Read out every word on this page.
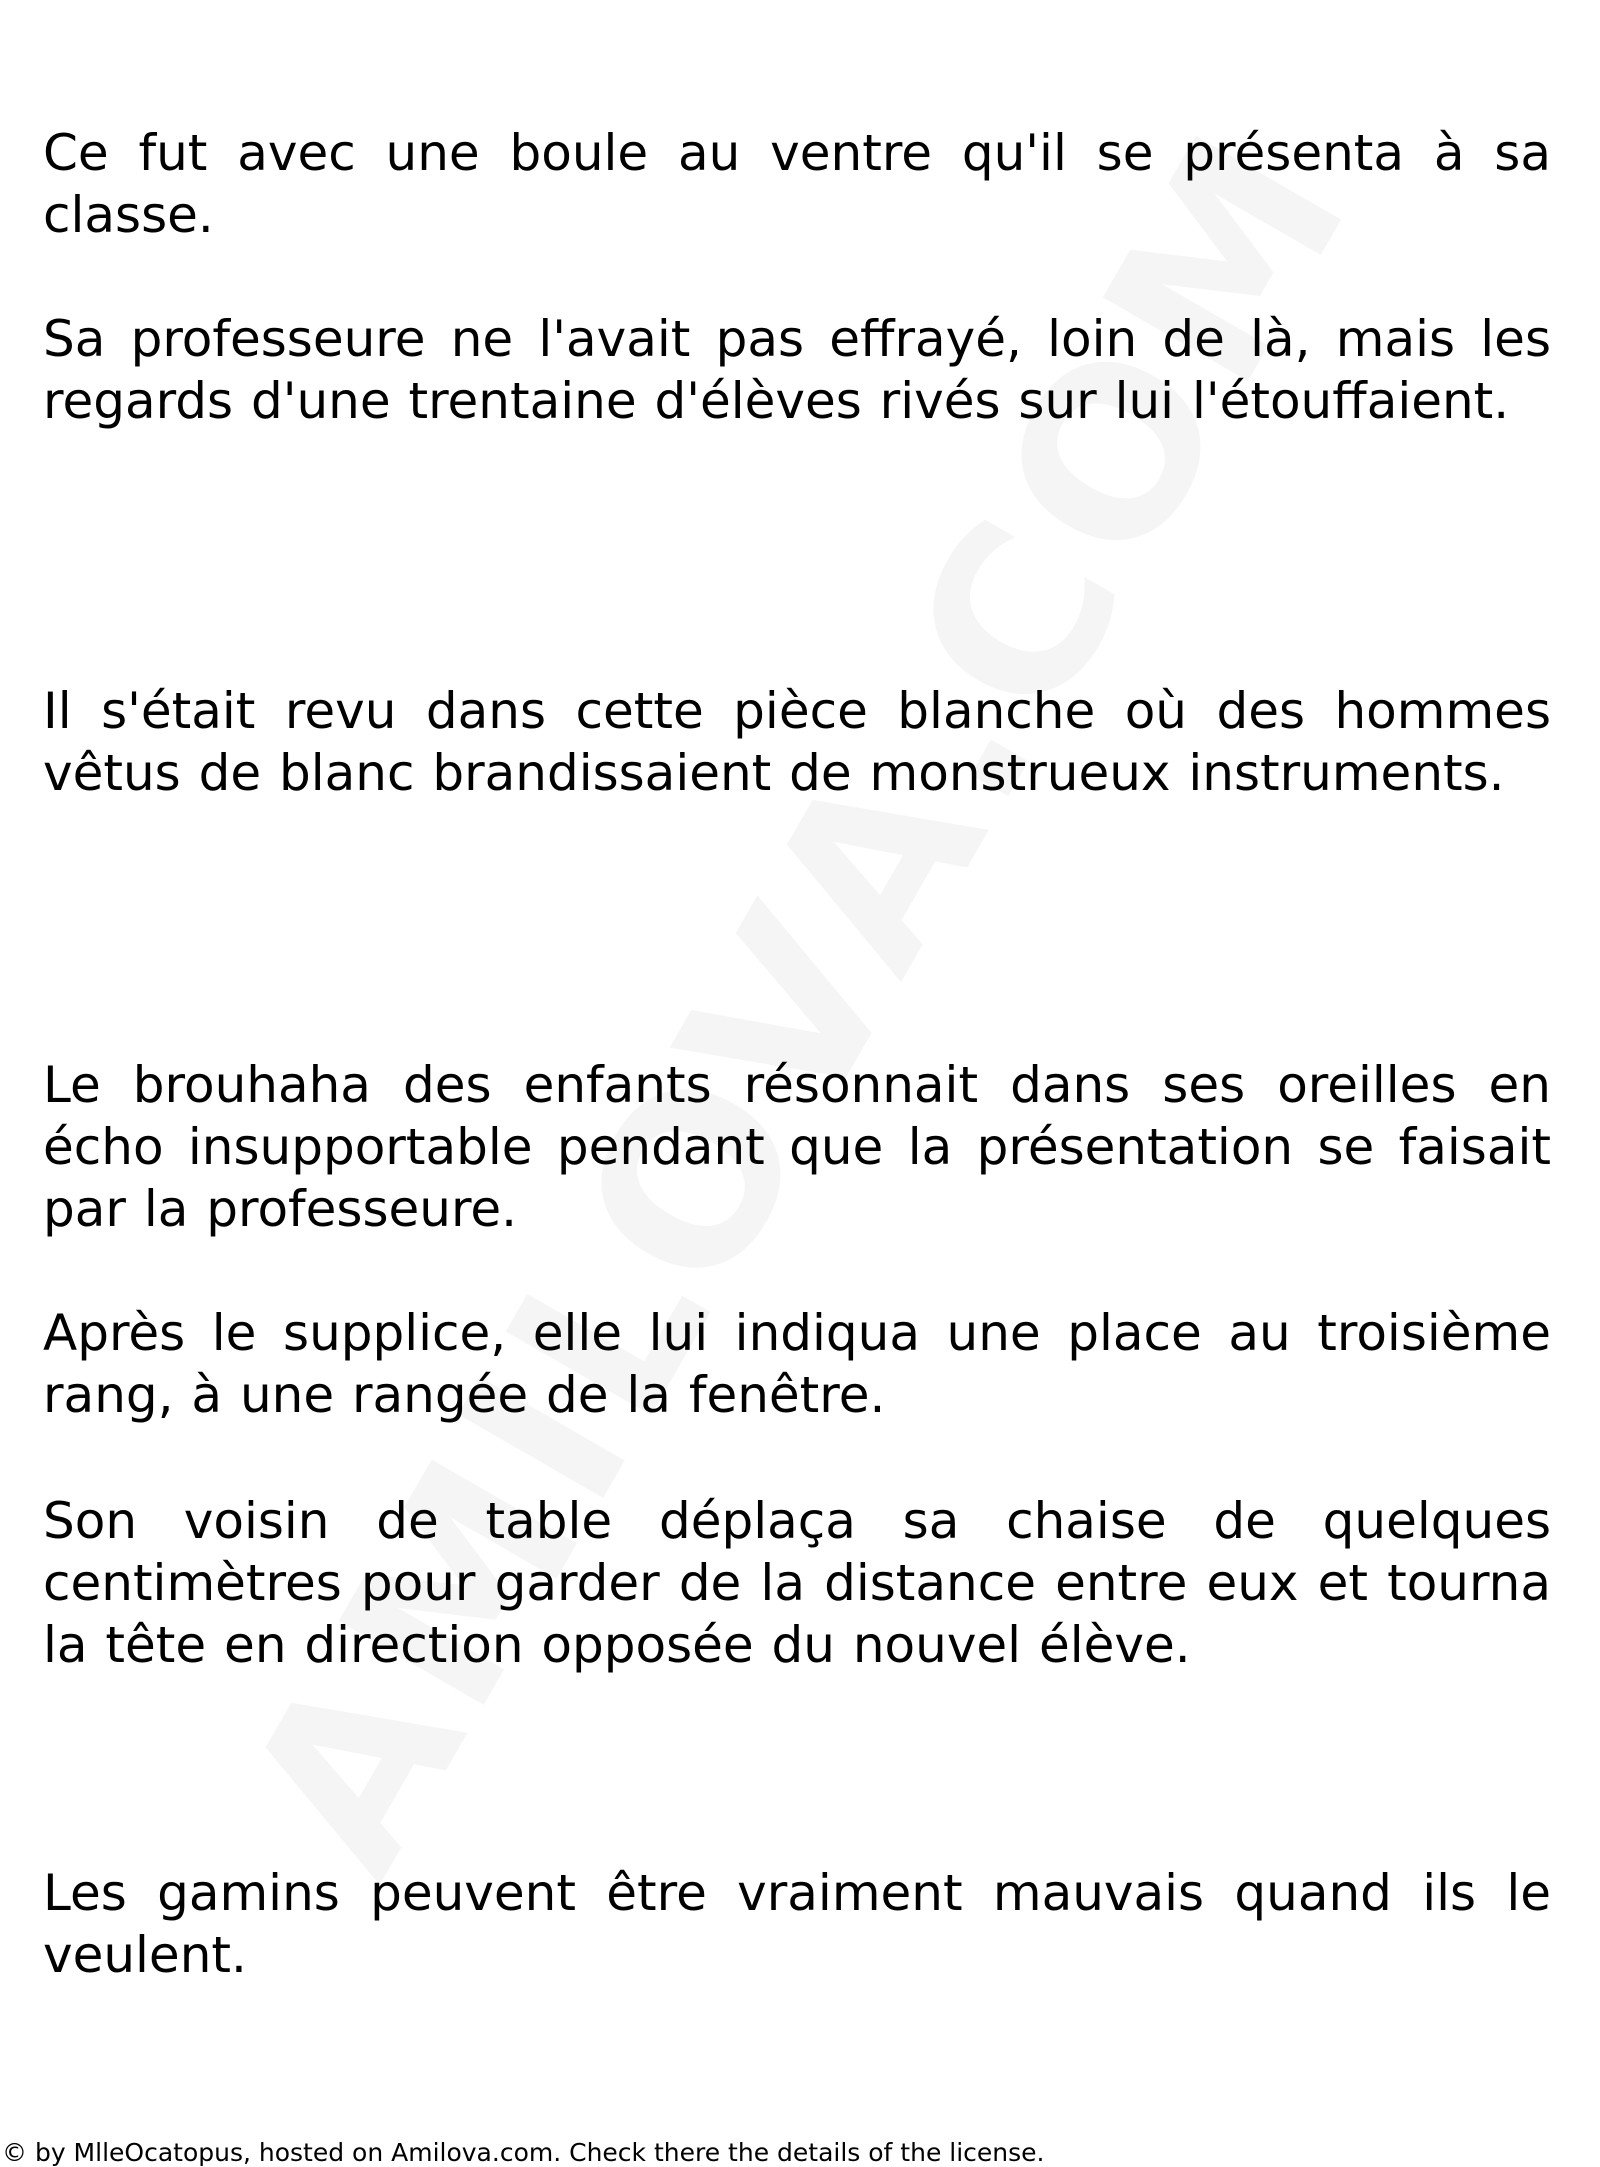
Ce fut avec une boule au ventre qu'il se présenta à sa classe.

Sa professeure ne l'avait pas effrayé, loin de là, mais les regards d'une trentaine d'élèves rivés sur lui l'étouffaient.

Il s'était revu dans cette pièce blanche où des hommes vêtus de blanc brandissaient de monstrueux instruments.

Le brouhaha des enfants résonnait dans ses oreilles en écho insupportable pendant que la présentation se faisait par la professeure.

Après le supplice, elle lui indiqua une place au troisième rang, à une rangée de la fenêtre.

Son voisin de table déplaça sa chaise de quelques centimètres pour garder de la distance entre eux et tourna la tête en direction opposée du nouvel élève.

Les gamins peuvent être vraiment mauvais quand ils le veulent.

© by MlleOcatopus, hosted on Amilova.com. Check there the details of the license.
